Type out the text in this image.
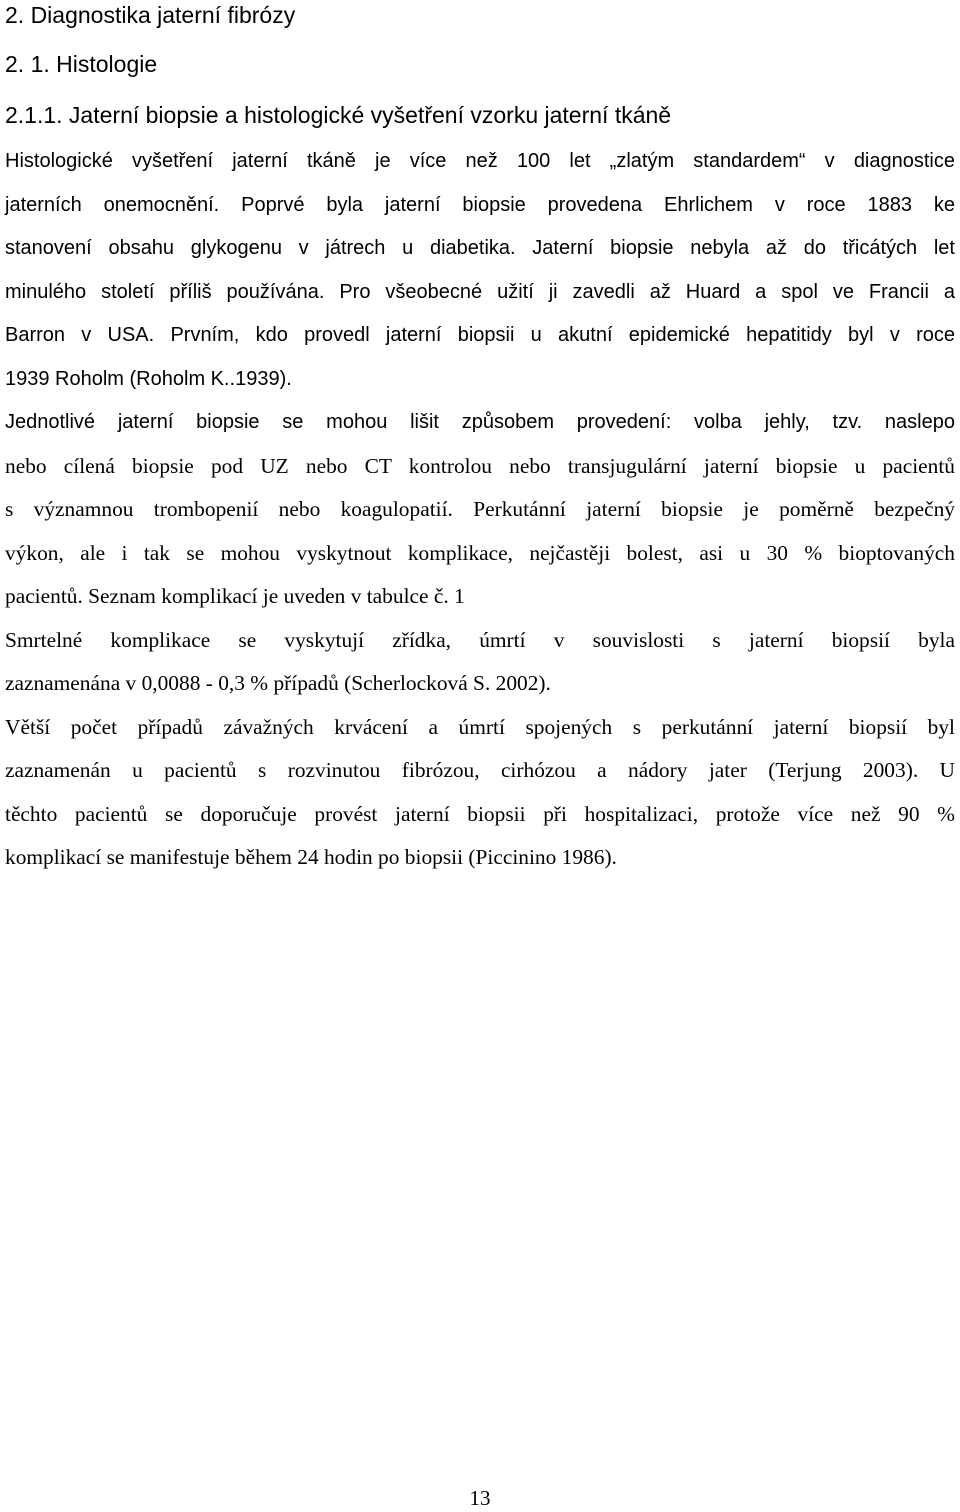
2. Diagnostika jaterní fibrózy
2. 1. Histologie
2.1.1. Jaterní biopsie a histologické vyšetření vzorku jaterní tkáně
Histologické vyšetření jaterní tkáně je více než 100 let „zlatým standardem“ v diagnostice
jaterních onemocnění. Poprvé byla jaterní biopsie provedena Ehrlichem v roce 1883 ke
stanovení obsahu glykogenu v játrech u diabetika. Jaterní biopsie nebyla až do třicátých let
minulého století příliš používána. Pro všeobecné užití ji zavedli až Huard a spol ve Francii a
Barron v USA. Prvním, kdo provedl jaterní biopsii u akutní epidemické hepatitidy byl v roce
1939 Roholm (Roholm K..1939).
Jednotlivé jaterní biopsie se mohou lišit způsobem provedení: volba jehly, tzv. naslepo
nebo cílená biopsie pod UZ nebo CT kontrolou nebo transjugulární jaterní biopsie u pacientů
s významnou trombopenií nebo koagulopatií. Perkutánní jaterní biopsie je poměrně bezpečný
výkon, ale i tak se mohou vyskytnout komplikace, nejčastěji bolest, asi u 30 % bioptovaných
pacientů. Seznam komplikací je uveden v tabulce č. 1
Smrtelné komplikace se vyskytují zřídka, úmrtí v souvislosti s jaterní biopsií byla
zaznamenána v 0,0088 - 0,3 % případů (Scherlocková S. 2002).
Větší počet případů závažných krvácení a úmrtí spojených s perkutánní jaterní biopsií byl
zaznamenán u pacientů s rozvinutou fibrózou, cirhózou a nádory jater (Terjung 2003). U
těchto pacientů se doporučuje provést jaterní biopsii při hospitalizaci, protože více než 90 %
komplikací se manifestuje během 24 hodin po biopsii (Piccinino 1986).
13
